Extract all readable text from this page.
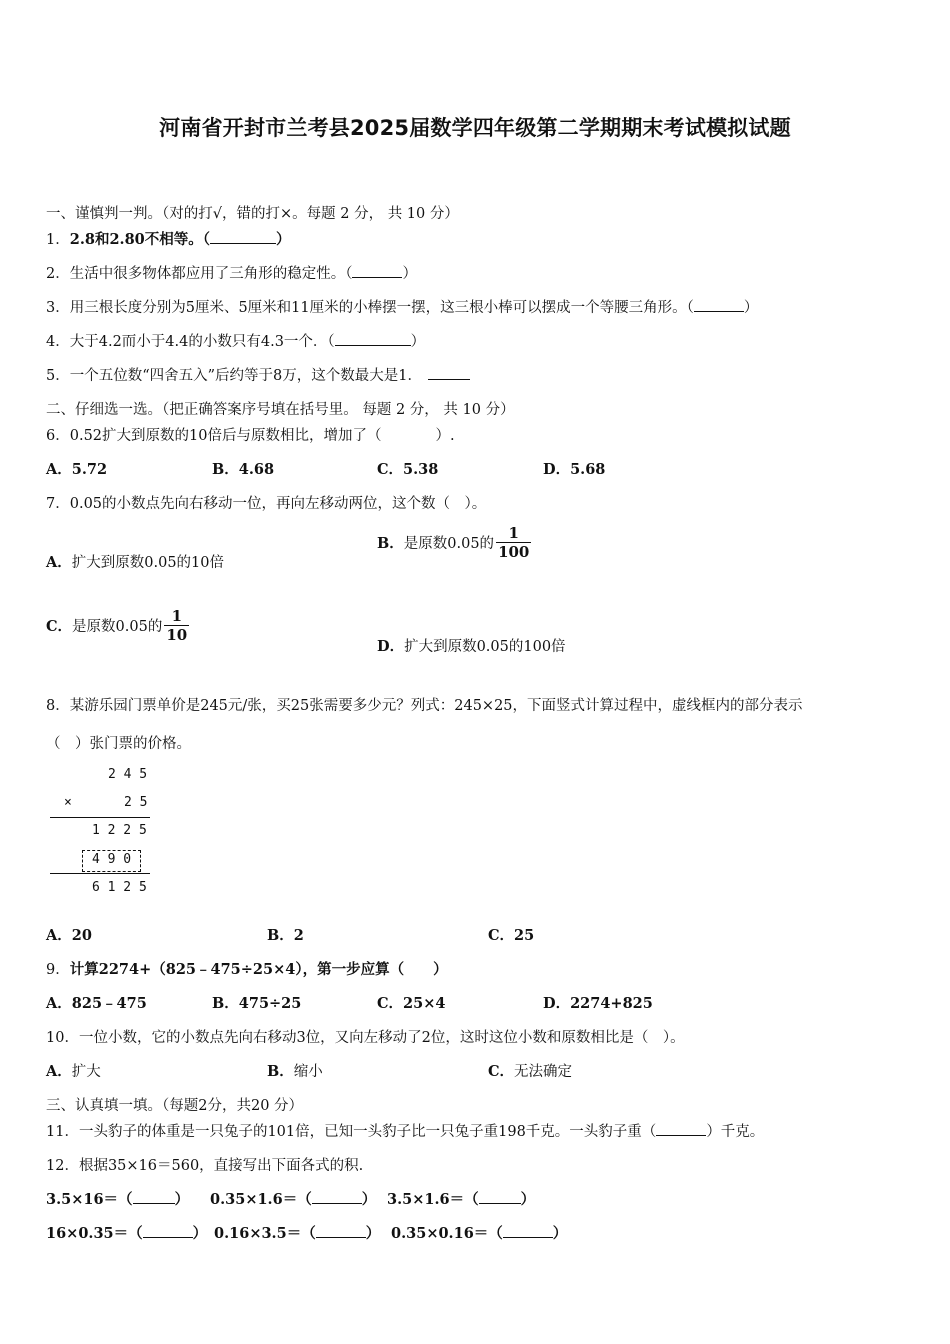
河南省开封市兰考县2025届数学四年级第二学期期末考试模拟试题
一、谨慎判一判。（对的打√，错的打×。每题 2 分， 共 10 分）
1．2.8和2.80不相等。（	）
2．生活中很多物体都应用了三角形的稳定性。（	）
3．用三根长度分别为5厘米、5厘米和11厘米的小棒摆一摆，这三根小棒可以摆成一个等腰三角形。（	）
4．大于4.2而小于4.4的小数只有4.3一个．（	）
5．一个五位数“四舍五入”后约等于8万，这个数最大是1．
二、仔细选一选。（把正确答案序号填在括号里。 每题 2 分， 共 10 分）
6．0.52扩大到原数的10倍后与原数相比，增加了（	）.
A．5.72	B．4.68	C．5.38	D．5.68
7．0.05的小数点先向右移动一位，再向左移动两位，这个数（　）。
A．扩大到原数0.05的10倍
B．是原数0.05的 $\frac{1}{100}$
C．是原数0.05的 $\frac{1}{10}$
D．扩大到原数0.05的100倍
8．某游乐园门票单价是245元/张，买25张需要多少元？列式：245×25，下面竖式计算过程中，虚线框内的部分表示
（　）张门票的价格。
2 4 5
×	2 5
1 2 2 5
4 9 0
6 1 2 5
A．20	B．2	C．25
9．计算2274+（825﹣475÷25×4），第一步应算（　　）
A．825﹣475	B．475÷25	C．25×4	D．2274+825
10．一位小数，它的小数点先向右移动3位，又向左移动了2位，这时这位小数和原数相比是（　）。
A．扩大	B．缩小	C．无法确定
三、认真填一填。（每题2分，共20 分）
11．一头豹子的体重是一只兔子的101倍，已知一头豹子比一只兔子重198千克。一头豹子重（	）千克。
12．根据35×16＝560，直接写出下面各式的积.
3.5×16＝（	） 0.35×1.6＝（	） 3.5×1.6＝（	）
16×0.35＝（	） 0.16×3.5＝（	） 0.35×0.16＝（	）
